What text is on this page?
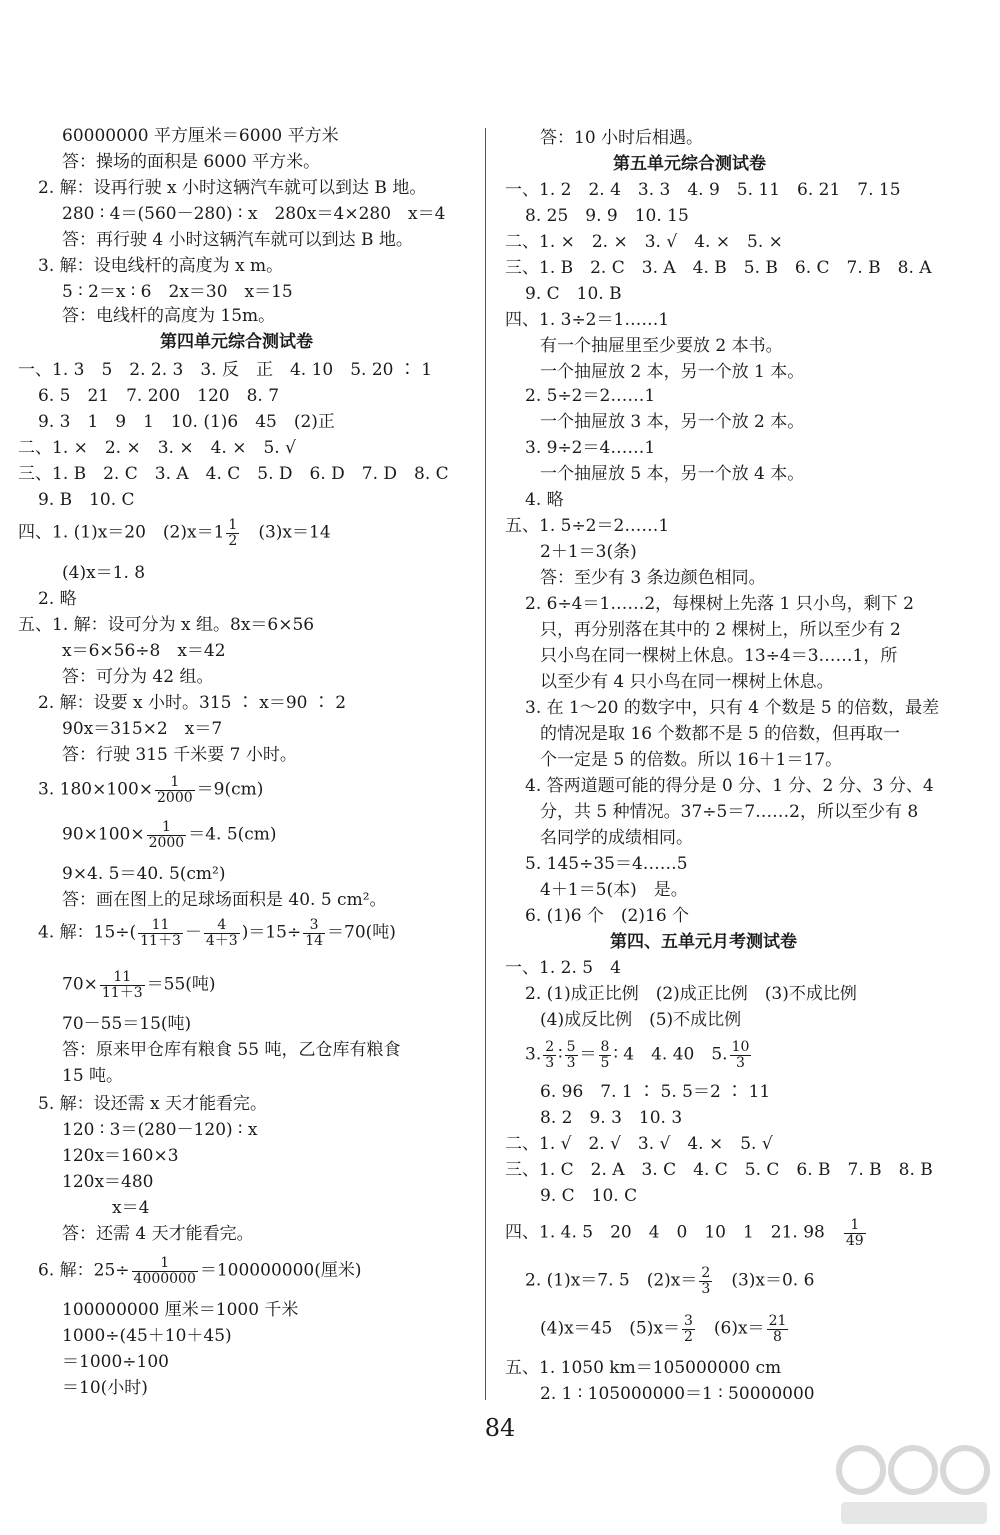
60000000 平方厘米＝6000 平方米
答：操场的面积是 6000 平方米。
2. 解：设再行驶 x 小时这辆汽车就可以到达 B 地。
280 ∶ 4＝(560－280) ∶ x　280x＝4×280　x＝4
答：再行驶 4 小时这辆汽车就可以到达 B 地。
3. 解：设电线杆的高度为 x m。
5 ∶ 2＝x ∶ 6　2x＝30　x＝15
答：电线杆的高度为 15m。
第四单元综合测试卷
一、1. 3　5　2. 2. 3　3. 反　正　4. 10　5. 20 ∶ 1
6. 5　21　7. 200　120　8. 7
9. 3　1　9　1　10. (1)6　45　(2)正
二、1. ×　2. ×　3. ×　4. ×　5. √
三、1. B　2. C　3. A　4. C　5. D　6. D　7. D　8. C
9. B　10. C
四、1. (1)x＝20　$(2)x=1 \frac{1}{2}$ 　(3)x＝14
(4)x＝1. 8
2. 略
五、1. 解：设可分为 x 组。8x＝6×56
x＝6×56÷8　x＝42
答：可分为 42 组。
2. 解：设要 x 小时。315 ∶ x＝90 ∶ 2
90x＝315×2　x＝7
答：行驶 315 千米要 7 小时。
3. $180\times 100\times \frac{1}{2000} =9(cm)$
$90\times 100\times \frac{1}{2000} =4$. 5(cm)
9×4. 5＝40. 5(cm²)
答：画在图上的足球场面积是 40. 5 cm²。
4. 解：$15\div( \frac{11}{11+3} - \frac{4}{4+3} )=15\div \frac{3}{14} =70$(吨)
$70\times \frac{11}{11+3} =55$(吨)
70－55＝15(吨)
答：原来甲仓库有粮食 55 吨，乙仓库有粮食
15 吨。
5. 解：设还需 x 天才能看完。
120 ∶ 3＝(280－120) ∶ x
120x＝160×3
120x＝480
x＝4
答：还需 4 天才能看完。
6. 解：$25\div \frac{1}{4000000} =100000000$(厘米)
100000000 厘米＝1000 千米
1000÷(45＋10＋45)
＝1000÷100
＝10(小时)
答：10 小时后相遇。
第五单元综合测试卷
一、1. 2　2. 4　3. 3　4. 9　5. 11　6. 21　7. 15
8. 25　9. 9　10. 15
二、1. ×　2. ×　3. √　4. ×　5. ×
三、1. B　2. C　3. A　4. B　5. B　6. C　7. B　8. A
9. C　10. B
四、1. 3÷2＝1……1
有一个抽屉里至少要放 2 本书。
一个抽屉放 2 本，另一个放 1 本。
2. 5÷2＝2……1
一个抽屉放 3 本，另一个放 2 本。
3. 9÷2＝4……1
一个抽屉放 5 本，另一个放 4 本。
4. 略
五、1. 5÷2＝2……1
2＋1＝3(条)
答：至少有 3 条边颜色相同。
2. 6÷4＝1……2，每棵树上先落 1 只小鸟，剩下 2
只，再分别落在其中的 2 棵树上，所以至少有 2
只小鸟在同一棵树上休息。13÷4＝3……1，所
以至少有 4 只小鸟在同一棵树上休息。
3. 在 1～20 的数字中，只有 4 个数是 5 的倍数，最差
的情况是取 16 个数都不是 5 的倍数，但再取一
个一定是 5 的倍数。所以 16＋1＝17。
4. 答两道题可能的得分是 0 分、1 分、2 分、3 分、4
分，共 5 种情况。37÷5＝7……2，所以至少有 8
名同学的成绩相同。
5. 145÷35＝4……5
4＋1＝5(本)　是。
6. (1)6 个　(2)16 个
第四、五单元月考测试卷
一、1. 2. 5　4
2. (1)成正比例　(2)成正比例　(3)不成比例
(4)成反比例　(5)不成比例
3. $\frac{2}{3}$ ∶ $\frac{5}{3} = \frac{8}{5}$ ∶ 4　4. 40　5. $\frac{10}{3}$
6. 96　7. 1 ∶ 5. 5＝2 ∶ 11
8. 2　9. 3　10. 3
二、1. √　2. √　3. √　4. ×　5. √
三、1. C　2. A　3. C　4. C　5. C　6. B　7. B　8. B
9. C　10. C
四、1. 4. 5　20　4　0　10　1　21. 98　 $\frac{1}{49}$
2. (1)x＝7. 5　$(2)x= \frac{2}{3}$ 　(3)x＝0. 6
(4)x＝45　$(5)x= \frac{3}{2}$ 　$(6)x= \frac{21}{8}$
五、1. 1050 km＝105000000 cm
2. 1 ∶ 105000000＝1 ∶ 50000000
84
